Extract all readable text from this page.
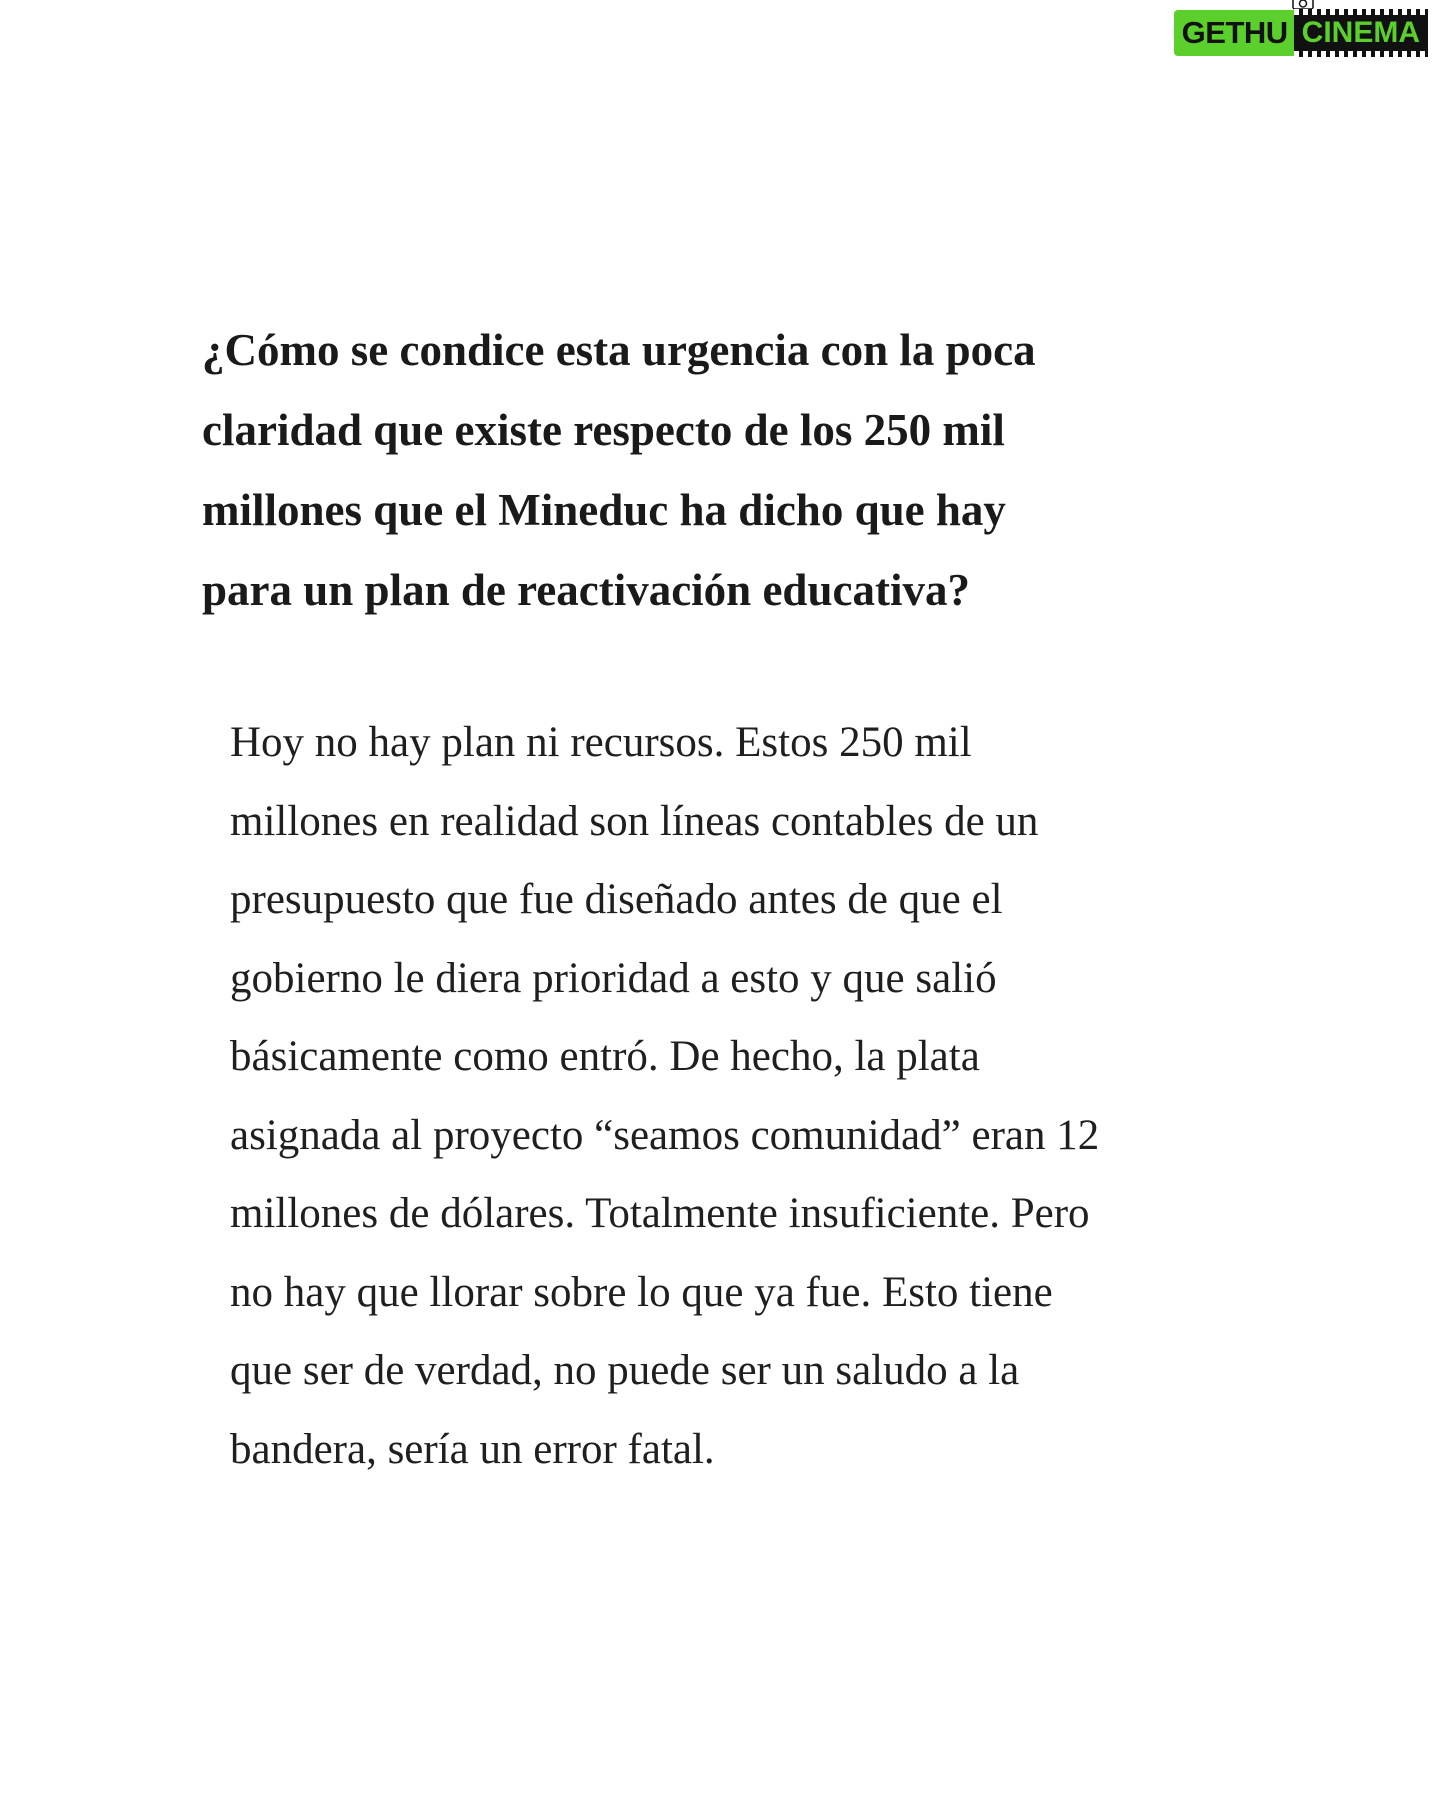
GETHU CINEMA
¿Cómo se condice esta urgencia con la poca
claridad que existe respecto de los 250 mil
millones que el Mineduc ha dicho que hay
para un plan de reactivación educativa?

Hoy no hay plan ni recursos. Estos 250 mil
millones en realidad son líneas contables de un
presupuesto que fue diseñado antes de que el
gobierno le diera prioridad a esto y que salió
básicamente como entró. De hecho, la plata
asignada al proyecto “seamos comunidad” eran 12
millones de dólares. Totalmente insuficiente. Pero
no hay que llorar sobre lo que ya fue. Esto tiene
que ser de verdad, no puede ser un saludo a la
bandera, sería un error fatal.
